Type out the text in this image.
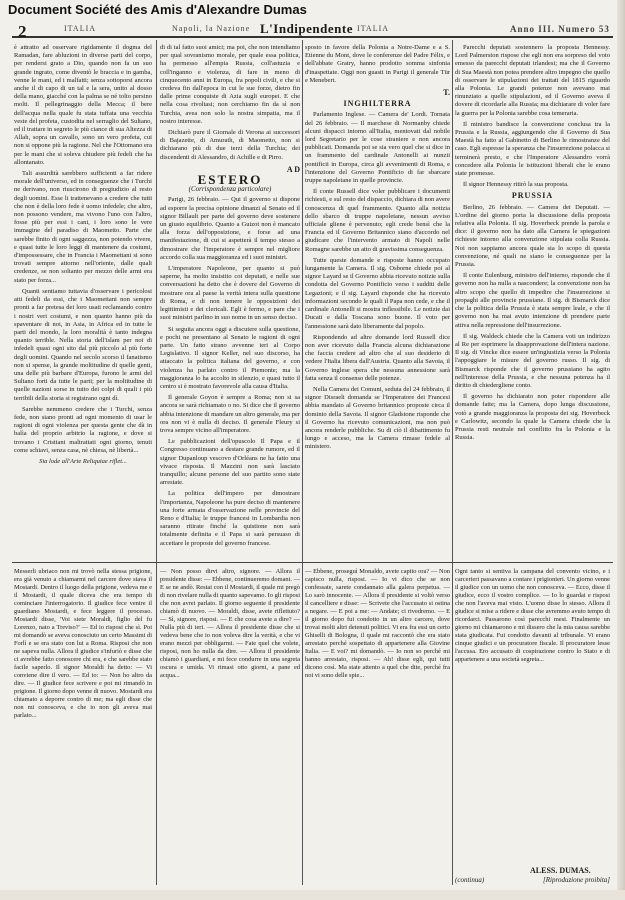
Document Société des Amis d'Alexandre Dumas
2	ITALIA	Napoli, la Nazione L'Indipendente ITALIA	Anno III. Numero 53

è attratto ad osservare rigidamente il dogma del Ramadan, fare abluzioni in diverse parti del corpo, per rendersi grato a Dio, quando non fa un suo grande ingrato, come diventò le braccia e in gamba, venne le mani, ed i malfatti; senza sottoporsi ancora anche il di capo di un tal e la sera, unito al dosso della mano, giacché con la palma se né tolto persino molti. Il pellegrinaggio della Mecca; il bere dell'acqua nella quale fu stata tuffata una vecchia veste del profeta, custodita nel serraglio del Sultano, ed il trattare in segreto le più ciance di sua Altezza di Allah, sopra un cavallo, sono un vero profeta, cui non si oppone più la ragione. Nel che l'Ottomano era per le mani che si soleva chiudere più fedeli che ha allontanato.

Tali assurdità sarebbero sufficienti a far ridere morale dell'universo, ed in conseguenze che i Turchi ne derivano, non riuscirono di pregiudizio al resto degli uomini. Esse li trattenevano a credere che tutti che non è della loro fede è uomo infedele; che altro, non possono vendere, ma vivono l'uno con l'altro, fosse più per essi i cani, i loro sono le vere immagine del paradiso di Maometto. Parte che sarebbe finito di ogni saggezza, non potendo vivere, e quasi tutte le loro leggi di mantenere da costumi, d'impossessare, che in Francia i Maomettani si sono trovati sempre attorno nell'oriente, dalle quali credenze, se non soltanto per mezzo delle armi era stato per forza...

Quanti sentiamo tuttavia d'osservare i pericolosi atti fedeli da essi, che i Maomettani non sempre pronti a far pretesa dei loro usati reclamando contro i nostri veri costumi, e non quanto hanno più da spaventare di noi, in Asia, in Africa ed in tutte le parti del mondo, la loro moralità è tanto indegna quanto terrible. Nella storia dell'islam per noi di infedeli quasi ogni sito dal più piccolo al più forte degli uomini. Quando nel secolo scorso il fanatismo non si spense, la grande moltitudine di quelle genti, una delle più barbare d'Europa, furono le armi del Sultano forti da tutte le parti; per la moltitudine di quelle nazioni sorse in tutto dei colpi di quali i più terribili della storia si registrano ogni dì.

Sarebbe nemmeno credere che i Turchi, senza fede, non siano pronti ad ogni momento di usar le ragioni di ogni violenza per questa gente che dà in balìa del proprio arbitrio la ragione, e dove si trovano i Cristiani maltrattati ogni giorno, tenuti come schiavi, senza casa, nè chiesa, nè libertà...

Sia lode all'Arte Reliquiae riflet...

di di tal fatto suoi amici; ma poi, che non intendiamo per qual sovranismo morale, per quale essa politica, ha permesso all'empia Russia, coll'astuzia e coll'inganno e violenza, di fare in meno di cinquecento anni in Europa, fra popoli civili, e che si credeva fin dall'epoca in cui le sue forze, dietro fin dalle prime conquiste di Azia sugli europei. E che nella cosa rivoltasi; non cerchiamo fin da sì non Turchia, avea non solo la nostra simpatia, ma il nostro interesse.

Dichiarò pure il Giornale di Verona ai successori di Bajazette, di Amurath, di Maometto, non si dichiarano più di due terzi della Turchia; dei discendenti di Alessandro, di Achille e di Pirro.

A D
ESTERO
(Corrispondenza particolare)

Parigi, 26 febbraio. — Qui il governo si dispone ad esporre la precisa opinione dinanzi al Senato ed il signor Billault per parte del governo deve sostenere un giusto equilibrio. Quanto a Guizot non è mancato alla forza dell'opposizione, e forse ad una manifestazione, di cui si aspetterà il tempo stesso a dimostrare che l'imperatore è sempre nel migliore accordo colla sua maggioranza ed i suoi ministri.

L'imperatore Napoleone, per quanto si può saperne, ha molto insistito coi deputati, e nelle sue conversazioni ha detto che è dovere del Governo di mostrare ora al paese la verità intera sulla questione di Roma, e di non temere le opposizioni dei legittimisti e dei clericali. Egli è fermo, e pare che i suoi ministri parlino in suo nome in un senso deciso.

Si seguita ancora oggi a discutere sulla questione, e pochi ne presentano al Senato le ragioni di ogni parte. Un fatto strano avvenne ieri al Corpo Legislativo. Il signor Keller, nel suo discorso, ha attaccato la politica italiana del governo, e con violenza ha parlato contro il Piemonte; ma la maggioranza lo ha accolto in silenzio, e quasi tutto il centro si è mostrato favorevole alla causa d'Italia.

Il generale Goyon è sempre a Roma; non si sa ancora se sarà richiamato o no. Si dice che il governo abbia intenzione di mandare un altro generale, ma per ora non vi è nulla di deciso. Il generale Fleury si trova sempre vicino all'imperatore.

Le pubblicazioni dell'opuscolo Il Papa e il Congresso continuano a destare grande rumore, ed il signor Dupanloup vescovo d'Orléans ne ha fatto una vivace risposta. Il Mazzini non sarà lasciato tranquillo; alcune persone del suo partito sono state arrestate.

La politica dell'impero per dimostrare l'importanza, Napoleone ha pure deciso di mantenere una forte armata d'osservazione nelle provincie del Reno e d'Italia; le truppe francesi in Lombardia non saranno ritirate finché la quistione non sarà totalmente definita e il Papa si sarà persuaso di accettare le proposte del governo francese.

sposto in favore della Polonia a Notre-Dame e a S. Etienne du Mont, dove le conferenze del Padre Félix, e dell'abbate Gratry, hanno prodotto somma sinfonia d'inaspettate. Oggi non guasti in Parigi il generale Tür e Menebert.

T.
INGHILTERRA

Parlamento Inglese. — Camera de' Lordi. Tornata del 26 febbraio. — Il marchese di Normanby chiede alcuni dispacci intorno all'Italia, mentovati dal nobile lord Segretario per le cose straniere e non ancora pubblicati. Domanda poi se sia vero quel che si dice in un frammento del cardinale Antonelli ai nunzii pontificii in Europa, circa gli avvenimenti di Roma, e l'intenzione del Governo Pontificio di far sbarcare truppe napoletane in quelle provincie.

Il conte Russell dice voler pubblicare i documenti richiesti, e sul resto del dispaccio, dichiara di non avere conoscenza di quel frammento. Quanto alla notizia dello sbarco di truppe napoletane, nessun avviso ufficiale gliene è pervenuto; egli crede bensì che la Francia ed il Governo Britannico siano d'accordo nel giudicare che l'intervento armato di Napoli nelle Romagne sarebbe un atto di gravissima conseguenza.

Tutte queste domande e risposte hanno occupato lungamente la Camera. Il sig. Osborne chiede poi al signor Layard se il Governo abbia ricevuto notizie sulla condotta del Governo Pontificio verso i sudditi delle Legazioni; e il sig. Layard risponde che ha ricevuto informazioni secondo le quali il Papa non cede, e che il cardinale Antonelli si mostra inflessibile. Le notizie dai Ducati e dalla Toscana sono buone. Il voto per l'annessione sarà dato liberamente dal popolo.

Rispondendo ad altre domande lord Russell dice non aver ricevuto dalla Francia alcuna dichiarazione che faccia credere ad altro che al suo desiderio di vedere l'Italia libera dall'Austria. Quanto alla Savoia, il Governo inglese spera che nessuna annessione sarà fatta senza il consenso delle potenze.

Nella Camera dei Comuni, seduta del 24 febbraio, il signor Disraeli domanda se l'Imperatore dei Francesi abbia mandato al Governo britannico proposte circa il dominio della Savoia. Il signor Gladstone risponde che il Governo ha ricevuto comunicazioni, ma non può ancora renderle pubbliche. Su di ciò il dibattimento fu lungo e acceso, ma la Camera rimase fedele al ministero.

Parecchi deputati sostennero la proposta Hennessy. Lord Palmerston rispose che egli non era sorpreso del voto emesso da parecchi deputati irlandesi; ma che il Governo di Sua Maestà non potea prendere altro impegno che quello di osservare le stipulazioni dei trattati del 1815 riguardo alla Polonia. Le grandi potenze non avevano mai rinunziato a quelle stipulazioni, ed il Governo aveva il dovere di ricordarle alla Russia; ma dichiarare di voler fare la guerra per la Polonia sarebbe cosa temeraria.

Il ministro bandisce la convenzione conclusa tra la Prussia e la Russia, aggiungendo che il Governo di Sua Maestà ha fatto al Gabinetto di Berlino le rimostranze del caso. Egli espresse la speranza che l'insurrezione polacca si terminerà presto, e che l'Imperatore Alessandro vorrà concedere alla Polonia le istituzioni liberali che le erano state promesse.

Il signor Hennessy ritirò la sua proposta.

PRUSSIA

Berlino, 26 febbraio. — Camera dei Deputati. — L'ordine del giorno porta la discussione della proposta relativa alla Polonia. Il sig. Hoverbeck prende la parola e dice: il governo non ha dato alla Camera le spiegazioni richieste intorno alla convenzione stipulata colla Russia. Noi non sappiamo ancora quale sia lo scopo di questa convenzione, né quali ne siano le conseguenze per la Prussia.

Il conte Eulenburg, ministro dell'interno, risponde che il governo non ha nulla a nascondere; la convenzione non ha altro scopo che quello di impedire che l'insurrezione si propaghi alle provincie prussiane. Il sig. di Bismarck dice che la politica della Prussia è stata sempre leale, e che il governo non ha mai avuto intenzione di prendere parte attiva nella repressione dell'insurrezione.

Il sig. Waldeck chiede che la Camera voti un indirizzo al Re per esprimere la disapprovazione dell'intera nazione. Il sig. di Vincke dice essere un'ingiustizia verso la Polonia l'appoggiare le misure del governo russo. Il sig. di Bismarck risponde che il governo prussiano ha agito nell'interesse della Prussia, e che nessuna potenza ha il diritto di chiedergliene conto.

Il governo ha dichiarato non poter rispondere alle domande fatte; ma la Camera, dopo lunga discussione, votò a grande maggioranza la proposta dei sig. Hoverbeck e Carlowitz, secondo la quale la Camera chiede che la Prussia resti neutrale nel conflitto fra la Polonia e la Russia.

Messerli ubriaco non mi trovò nella stessa prigione, era già venuto a chiamarmi nel carcere dove stava il Mostardi. Dentro il luogo della prigione, vedeva me e il Mostardi, il quale diceva che era tempo di cominciare l'interrogatorio. Il giudice fece venire il guardiano Mostardi, e fece leggere il processo. Mostardi disse, 'Voi siete Moraldi, figlio del fu Lorenzo, nato a Treviso?' — Ed io risposi che sì. Poi mi domandò se aveva conosciuto un certo Massimi di Forlì e se era stato con lui a Roma. Risposi che non ne sapeva nulla. Allora il giudice s'infuriò e disse che ci avrebbe fatto conoscere chi era, e che sarebbe stato facile saperlo. Il signor Moraldi ha detto: — Vi conviene dire il vero. — Ed io: — Non ho altro da dire. — Il giudice fece scrivere e poi mi rimandò in prigione. Il giorno dopo venne di nuovo. Mostardi era chiamato a deporre contro di me; ma egli disse che non mi conosceva, e che io non gli aveva mai parlato...

— Non posso dirvi altro, signore. — Allora il presidente disse: — Ebbene, continueremo domani. — E se ne andò. Restai con il Mostardi, il quale mi pregò di non rivelare nulla di quanto sapevamo. Io gli risposi che non avrei parlato. Il giorno seguente il presidente chiamò di nuovo. — Moraldi, disse, avete riflettuto? — Sì, signore, risposi. — E che cosa avete a dire? — Nulla più di ieri. — Allora il presidente disse che si vedeva bene che io non voleva dire la verità, e che vi erano mezzi per obbligarmi. — Fate quel che volete, risposi, non ho nulla da dire. — Allora il presidente chiamò i guardiani, e mi fece condurre in una segreta oscura e umida. Vi rimasi otto giorni, a pane ed acqua...

— Ebbene, proseguì Monaldo, avete capito ora? — Non capisco nulla, risposi. — Io vi dico che se non confessate, sarete condannato alla galera perpetua. — Lo sarò innocente. — Allora il presidente si voltò verso il cancelliere e disse: — Scrivete che l'accusato si ostina a negare. — E poi a me: — Andate; ci rivedremo. — E il giorno dopo fui condotto in un altro carcere, dove trovai molti altri detenuti politici. Vi era fra essi un certo Ghiselli di Bologna, il quale mi raccontò che era stato arrestato perché sospettato di appartenere alla Giovine Italia. — E voi? mi domandò. — Io non so perché mi hanno arrestato, risposi. — Ah! disse egli, qui tutti dicono così. Ma state attento a quel che dite, perché fra noi vi sono delle spie...

Ogni tanto si sentiva la campana del convento vicino, e i carcerieri passavano a contare i prigionieri. Un giorno venne il giudice con un uomo che non conosceva. — Ecco, disse il giudice, ecco il vostro complice. — Io lo guardai e risposi che non l'aveva mai visto. L'uomo disse lo stesso. Allora il giudice si mise a ridere e disse che avremmo avuto tempo di ricordarci. Passarono così parecchi mesi. Finalmente un giorno mi chiamarono e mi dissero che la mia causa sarebbe stata giudicata. Fui condotto davanti al tribunale. Vi erano cinque giudici e un procuratore fiscale. Il procuratore lesse l'accusa. Ero accusato di cospirazione contro lo Stato e di appartenere a una società segreta...

ALESS. DUMAS.
(continua)	[Riproduzione proibita]
